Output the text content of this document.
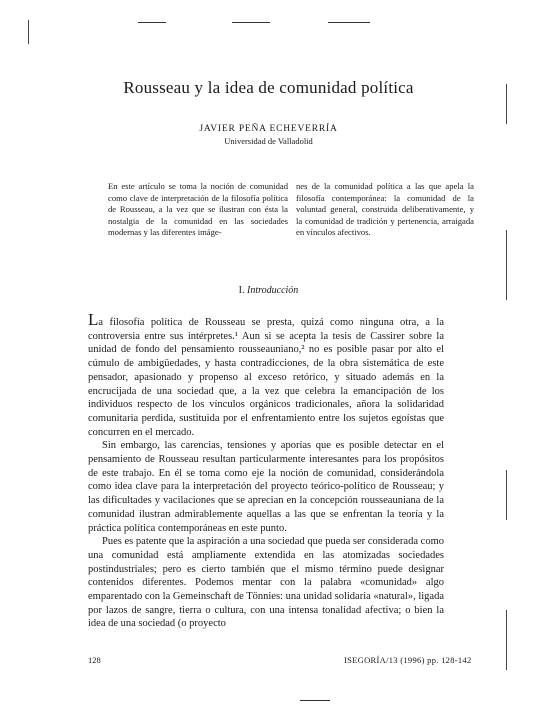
Rousseau y la idea de comunidad política
JAVIER PEÑA ECHEVERRÍA
Universidad de Valladolid
En este artículo se toma la noción de comunidad como clave de interpretación de la filosofía política de Rousseau, a la vez que se ilustran con ésta la nostalgia de la comunidad en las sociedades modernas y las diferentes imáge-
nes de la comunidad política a las que apela la filosofía contemporánea: la comunidad de la voluntad general, construida deliberativamente, y la comunidad de tradición y pertenencia, arraigada en vínculos afectivos.
I. Introducción

La filosofía política de Rousseau se presta, quizá como ninguna otra, a la controversia entre sus intérpretes.¹ Aun si se acepta la tesis de Cassirer sobre la unidad de fondo del pensamiento rousseauniano,² no es posible pasar por alto el cúmulo de ambigüedades, y hasta contradicciones, de la obra sistemática de este pensador, apasionado y propenso al exceso retórico, y situado además en la encrucijada de una sociedad que, a la vez que celebra la emancipación de los individuos respecto de los vínculos orgánicos tradicionales, añora la solidaridad comunitaria perdida, sustituida por el enfrentamiento entre los sujetos egoístas que concurren en el mercado.

Sin embargo, las carencias, tensiones y aporías que es posible detectar en el pensamiento de Rousseau resultan particularmente interesantes para los propósitos de este trabajo. En él se toma como eje la noción de comunidad, considerándola como idea clave para la interpretación del proyecto teórico-político de Rousseau; y las dificultades y vacilaciones que se aprecian en la concepción rousseauniana de la comunidad ilustran admirablemente aquellas a las que se enfrentan la teoría y la práctica política contemporáneas en este punto.

Pues es patente que la aspiración a una sociedad que pueda ser considerada como una comunidad está ampliamente extendida en las atomizadas sociedades postindustriales; pero es cierto también que el mismo término puede designar contenidos diferentes. Podemos mentar con la palabra «comunidad» algo emparentado con la Gemeinschaft de Tönnies: una unidad solidaria «natural», ligada por lazos de sangre, tierra o cultura, con una intensa tonalidad afectiva; o bien la idea de una sociedad (o proyecto

128	ISEGORÍA/13 (1996) pp. 128-142
